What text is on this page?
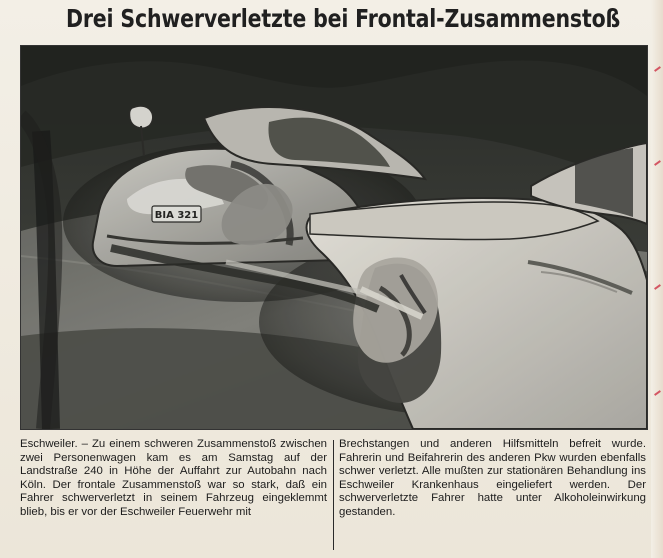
Drei Schwerverletzte bei Frontal-Zusammenstoß
BIA 321
Eschweiler. – Zu einem schweren Zusammenstoß zwischen zwei Personenwagen kam es am Samstag auf der Landstraße 240 in Höhe der Auffahrt zur Autobahn nach Köln. Der frontale Zusammenstoß war so stark, daß ein Fahrer schwerverletzt in seinem Fahrzeug eingeklemmt blieb, bis er vor der Eschweiler Feuerwehr mit
Brechstangen und anderen Hilfsmitteln befreit wurde. Fahrerin und Beifahrerin des anderen Pkw wurden ebenfalls schwer verletzt. Alle mußten zur stationären Behandlung ins Eschweiler Krankenhaus eingeliefert werden. Der schwerverletzte Fahrer hatte unter Alkoholeinwirkung gestanden.
